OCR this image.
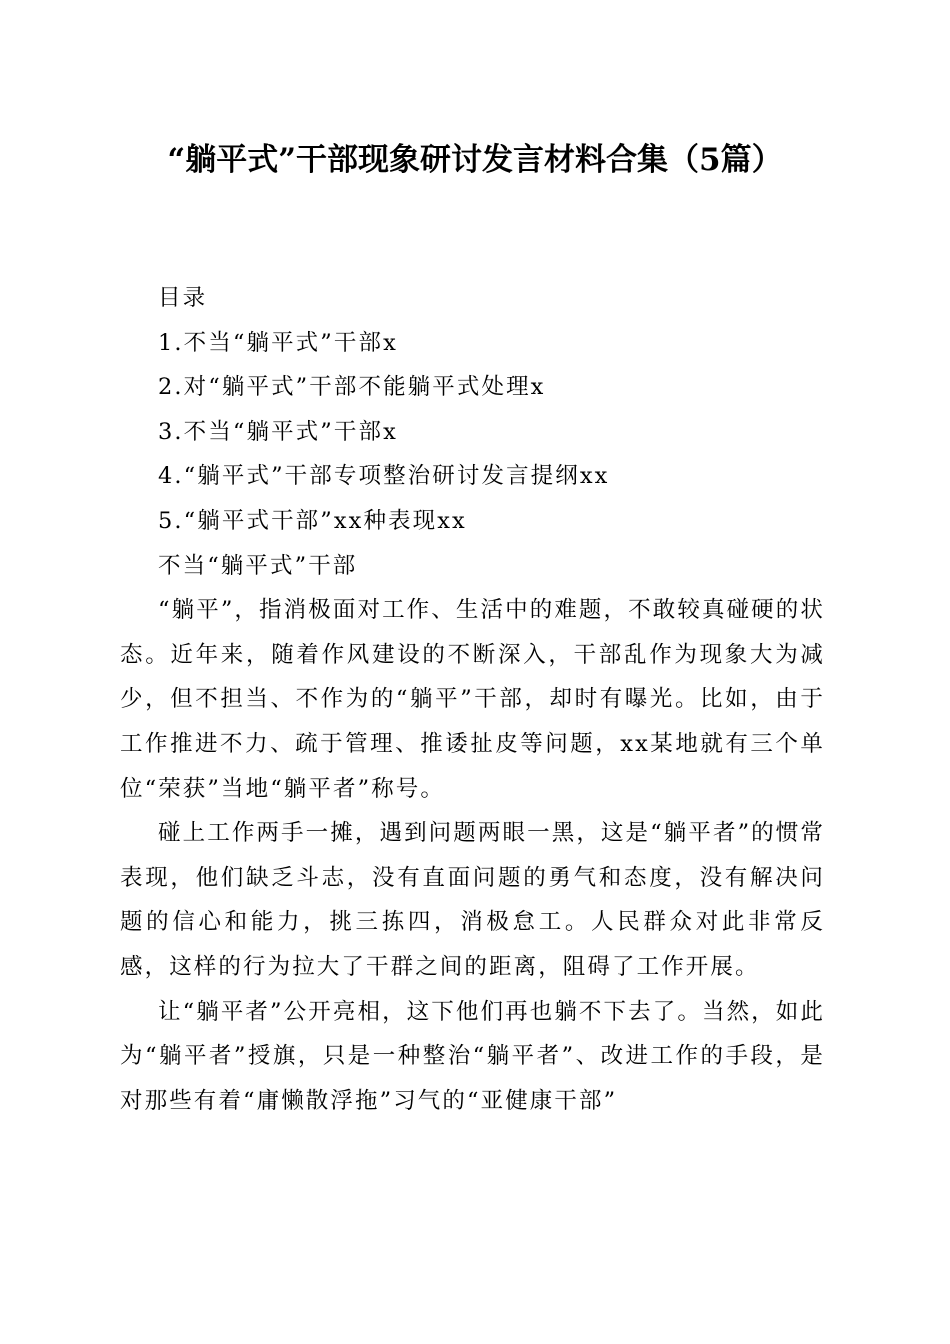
“躺平式”干部现象研讨发言材料合集（5篇）

目录

1.不当“躺平式”干部x

2.对“躺平式”干部不能躺平式处理x

3.不当“躺平式”干部x

4.“躺平式”干部专项整治研讨发言提纲xx

5.“躺平式干部”xx种表现xx

不当“躺平式”干部

“躺平”，指消极面对工作、生活中的难题，不敢较真碰硬的状态。近年来，随着作风建设的不断深入，干部乱作为现象大为减少，但不担当、不作为的“躺平”干部，却时有曝光。比如，由于工作推进不力、疏于管理、推诿扯皮等问题，xx某地就有三个单位“荣获”当地“躺平者”称号。

碰上工作两手一摊，遇到问题两眼一黑，这是“躺平者”的惯常表现，他们缺乏斗志，没有直面问题的勇气和态度，没有解决问题的信心和能力，挑三拣四，消极怠工。人民群众对此非常反感，这样的行为拉大了干群之间的距离，阻碍了工作开展。

让“躺平者”公开亮相，这下他们再也躺不下去了。当然，如此为“躺平者”授旗，只是一种整治“躺平者”、改进工作的手段，是对那些有着“庸懒散浮拖”习气的“亚健康干部”
